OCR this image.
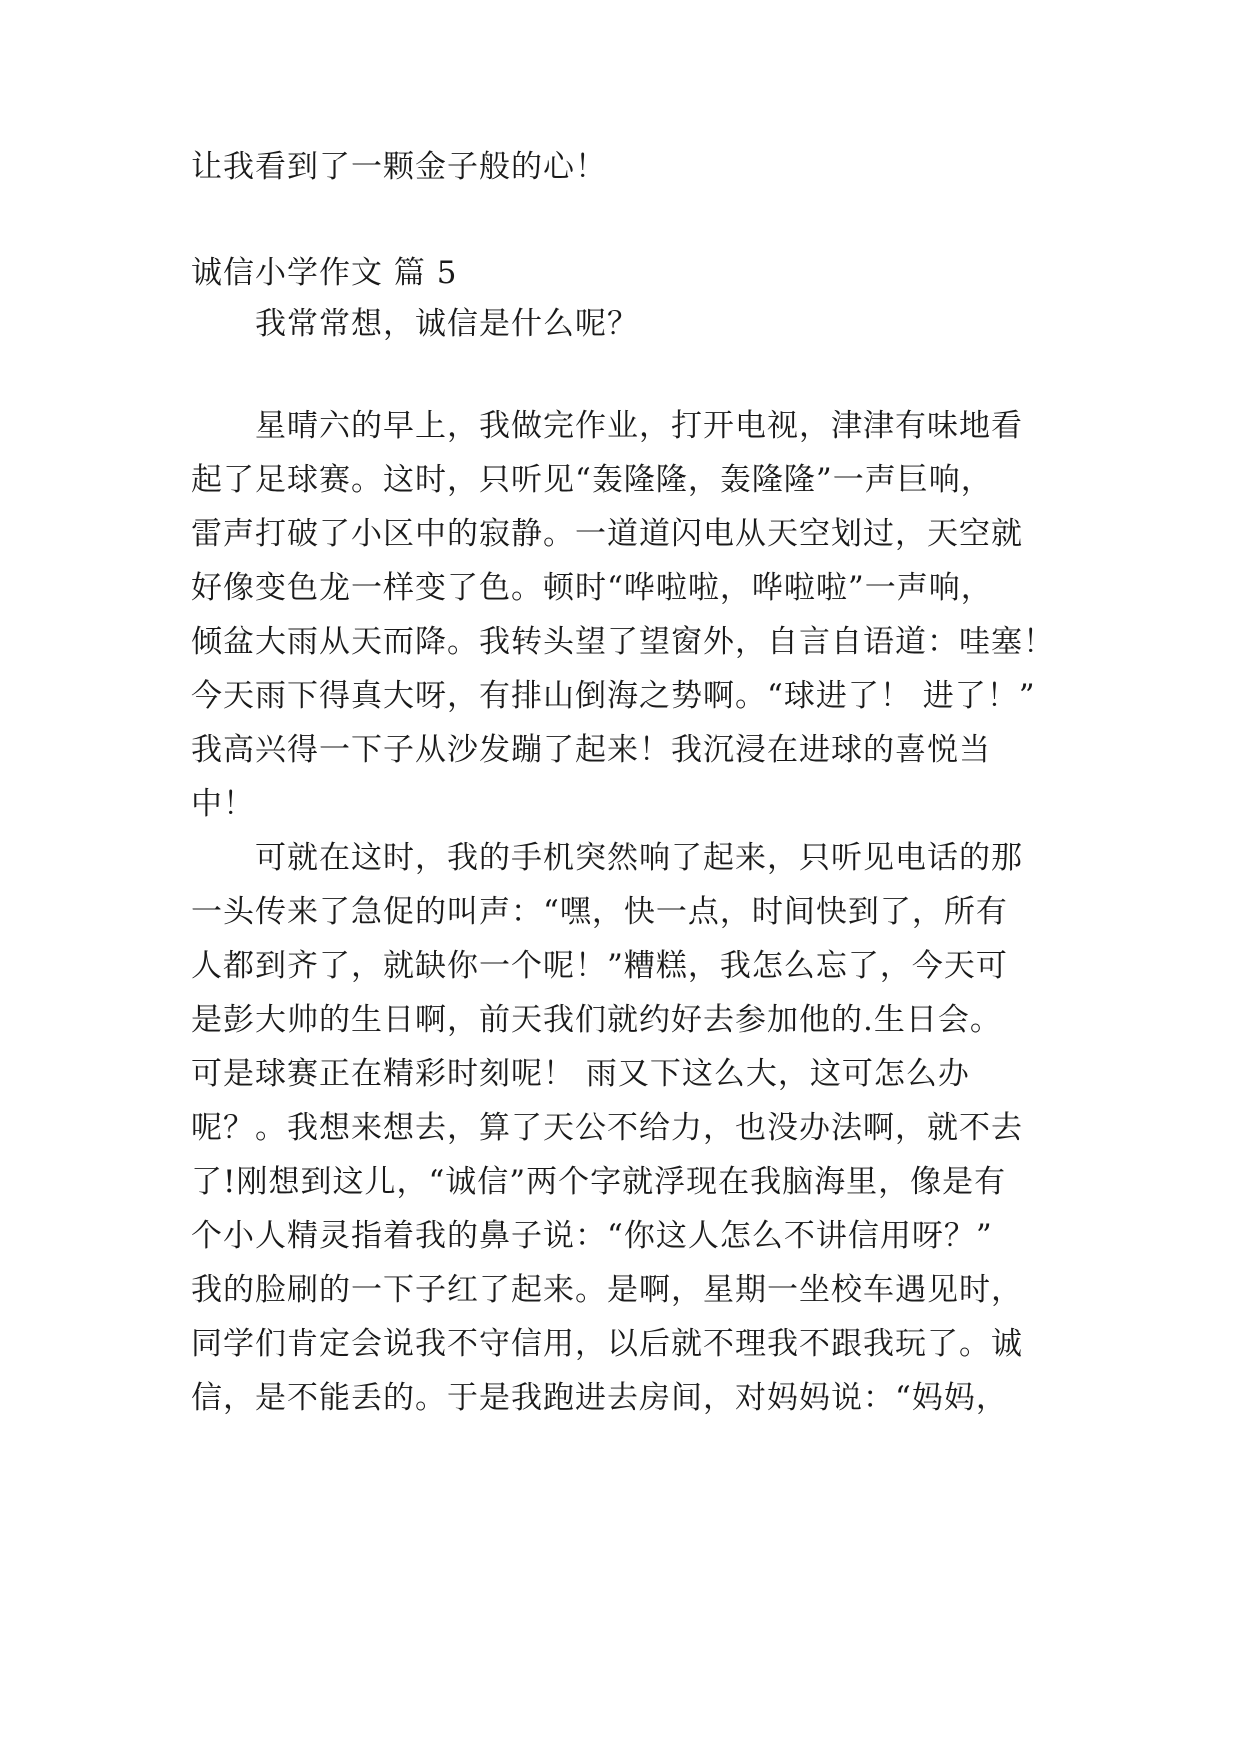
让我看到了一颗金子般的心！
诚信小学作文 篇 5
我常常想，诚信是什么呢？
星晴六的早上，我做完作业，打开电视，津津有味地看
起了足球赛。这时，只听见“轰隆隆，轰隆隆”一声巨响，
雷声打破了小区中的寂静。一道道闪电从天空划过，天空就
好像变色龙一样变了色。顿时“哗啦啦，哗啦啦”一声响，
倾盆大雨从天而降。我转头望了望窗外，自言自语道：哇塞！
今天雨下得真大呀，有排山倒海之势啊。“球进了！ 进了！”
我高兴得一下子从沙发蹦了起来！我沉浸在进球的喜悦当
中！
可就在这时，我的手机突然响了起来，只听见电话的那
一头传来了急促的叫声：“嘿，快一点，时间快到了，所有
人都到齐了，就缺你一个呢！”糟糕，我怎么忘了，今天可
是彭大帅的生日啊，前天我们就约好去参加他的.生日会。
可是球赛正在精彩时刻呢！ 雨又下这么大，这可怎么办
呢？。我想来想去，算了天公不给力，也没办法啊，就不去
了!刚想到这儿，“诚信”两个字就浮现在我脑海里，像是有
个小人精灵指着我的鼻子说：“你这人怎么不讲信用呀？”
我的脸刷的一下子红了起来。是啊，星期一坐校车遇见时，
同学们肯定会说我不守信用，以后就不理我不跟我玩了。诚
信，是不能丢的。于是我跑进去房间，对妈妈说：“妈妈，
